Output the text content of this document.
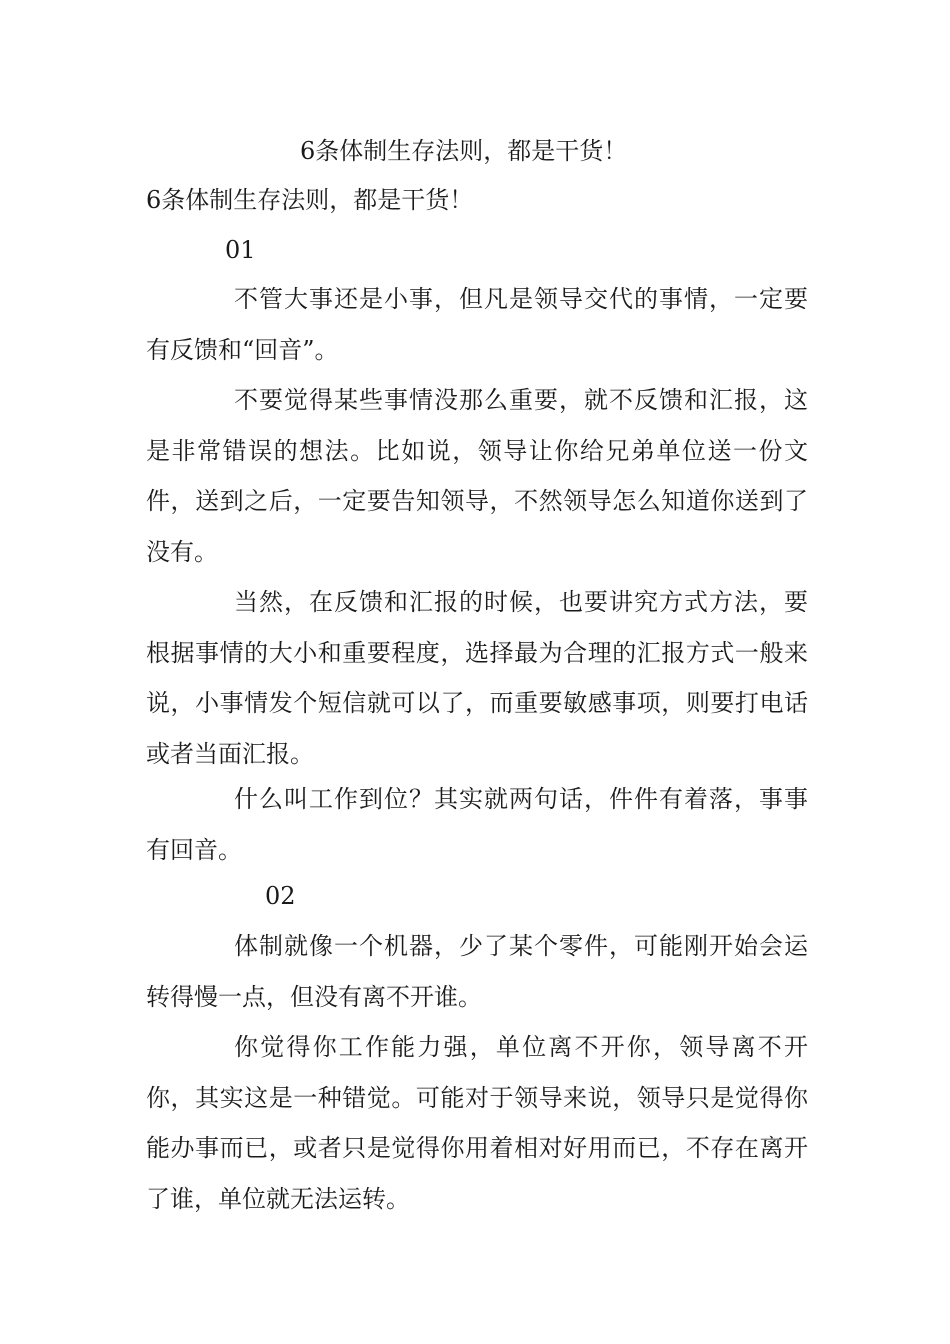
6条体制生存法则，都是干货！
6条体制生存法则，都是干货！
01

不管大事还是小事，但凡是领导交代的事情，一定要有反馈和“回音”。

不要觉得某些事情没那么重要，就不反馈和汇报，这是非常错误的想法。比如说，领导让你给兄弟单位送一份文件，送到之后，一定要告知领导，不然领导怎么知道你送到了没有。

当然，在反馈和汇报的时候，也要讲究方式方法，要根据事情的大小和重要程度，选择最为合理的汇报方式一般来说，小事情发个短信就可以了，而重要敏感事项，则要打电话或者当面汇报。

什么叫工作到位？其实就两句话，件件有着落，事事有回音。

02

体制就像一个机器，少了某个零件，可能刚开始会运转得慢一点，但没有离不开谁。

你觉得你工作能力强，单位离不开你，领导离不开你，其实这是一种错觉。可能对于领导来说，领导只是觉得你能办事而已，或者只是觉得你用着相对好用而已，不存在离开了谁，单位就无法运转。
